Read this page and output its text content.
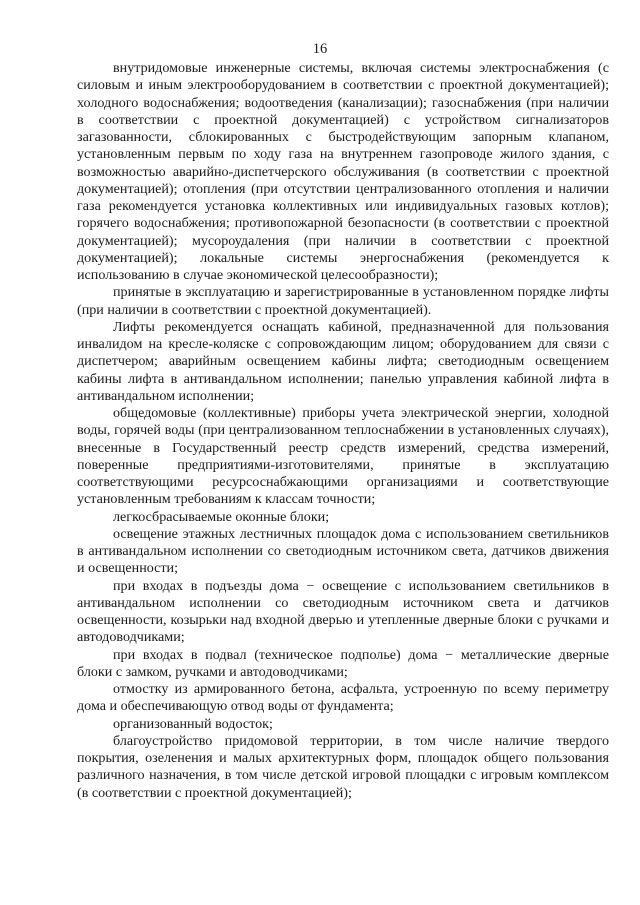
16

внутридомовые инженерные системы, включая системы электроснабжения (с силовым и иным электрооборудованием в соответствии с проектной документацией); холодного водоснабжения; водоотведения (канализации); газоснабжения (при наличии в соответствии с проектной документацией) с устройством сигнализаторов загазованности, сблокированных с быстродействующим запорным клапаном, установленным первым по ходу газа на внутреннем газопроводе жилого здания, с возможностью аварийно-диспетчерского обслуживания (в соответствии с проектной документацией); отопления (при отсутствии централизованного отопления и наличии газа рекомендуется установка коллективных или индивидуальных газовых котлов); горячего водоснабжения; противопожарной безопасности (в соответствии с проектной документацией); мусороудаления (при наличии в соответствии с проектной документацией); локальные системы энергоснабжения (рекомендуется к использованию в случае экономической целесообразности);

принятые в эксплуатацию и зарегистрированные в установленном порядке лифты (при наличии в соответствии с проектной документацией).

Лифты рекомендуется оснащать кабиной, предназначенной для пользования инвалидом на кресле-коляске с сопровождающим лицом; оборудованием для связи с диспетчером; аварийным освещением кабины лифта; светодиодным освещением кабины лифта в антивандальном исполнении; панелью управления кабиной лифта в антивандальном исполнении;

общедомовые (коллективные) приборы учета электрической энергии, холодной воды, горячей воды (при централизованном теплоснабжении в установленных случаях), внесенные в Государственный реестр средств измерений, средства измерений, поверенные предприятиями-изготовителями, принятые в эксплуатацию соответствующими ресурсоснабжающими организациями и соответствующие установленным требованиям к классам точности;

легкосбрасываемые оконные блоки;

освещение этажных лестничных площадок дома с использованием светильников в антивандальном исполнении со светодиодным источником света, датчиков движения и освещенности;

при входах в подъезды дома − освещение с использованием светильников в антивандальном исполнении со светодиодным источником света и датчиков освещенности, козырьки над входной дверью и утепленные дверные блоки с ручками и автодоводчиками;

при входах в подвал (техническое подполье) дома − металлические дверные блоки с замком, ручками и автодоводчиками;

отмостку из армированного бетона, асфальта, устроенную по всему периметру дома и обеспечивающую отвод воды от фундамента;

организованный водосток;

благоустройство придомовой территории, в том числе наличие твердого покрытия, озеленения и малых архитектурных форм, площадок общего пользования различного назначения, в том числе детской игровой площадки с игровым комплексом (в соответствии с проектной документацией);
